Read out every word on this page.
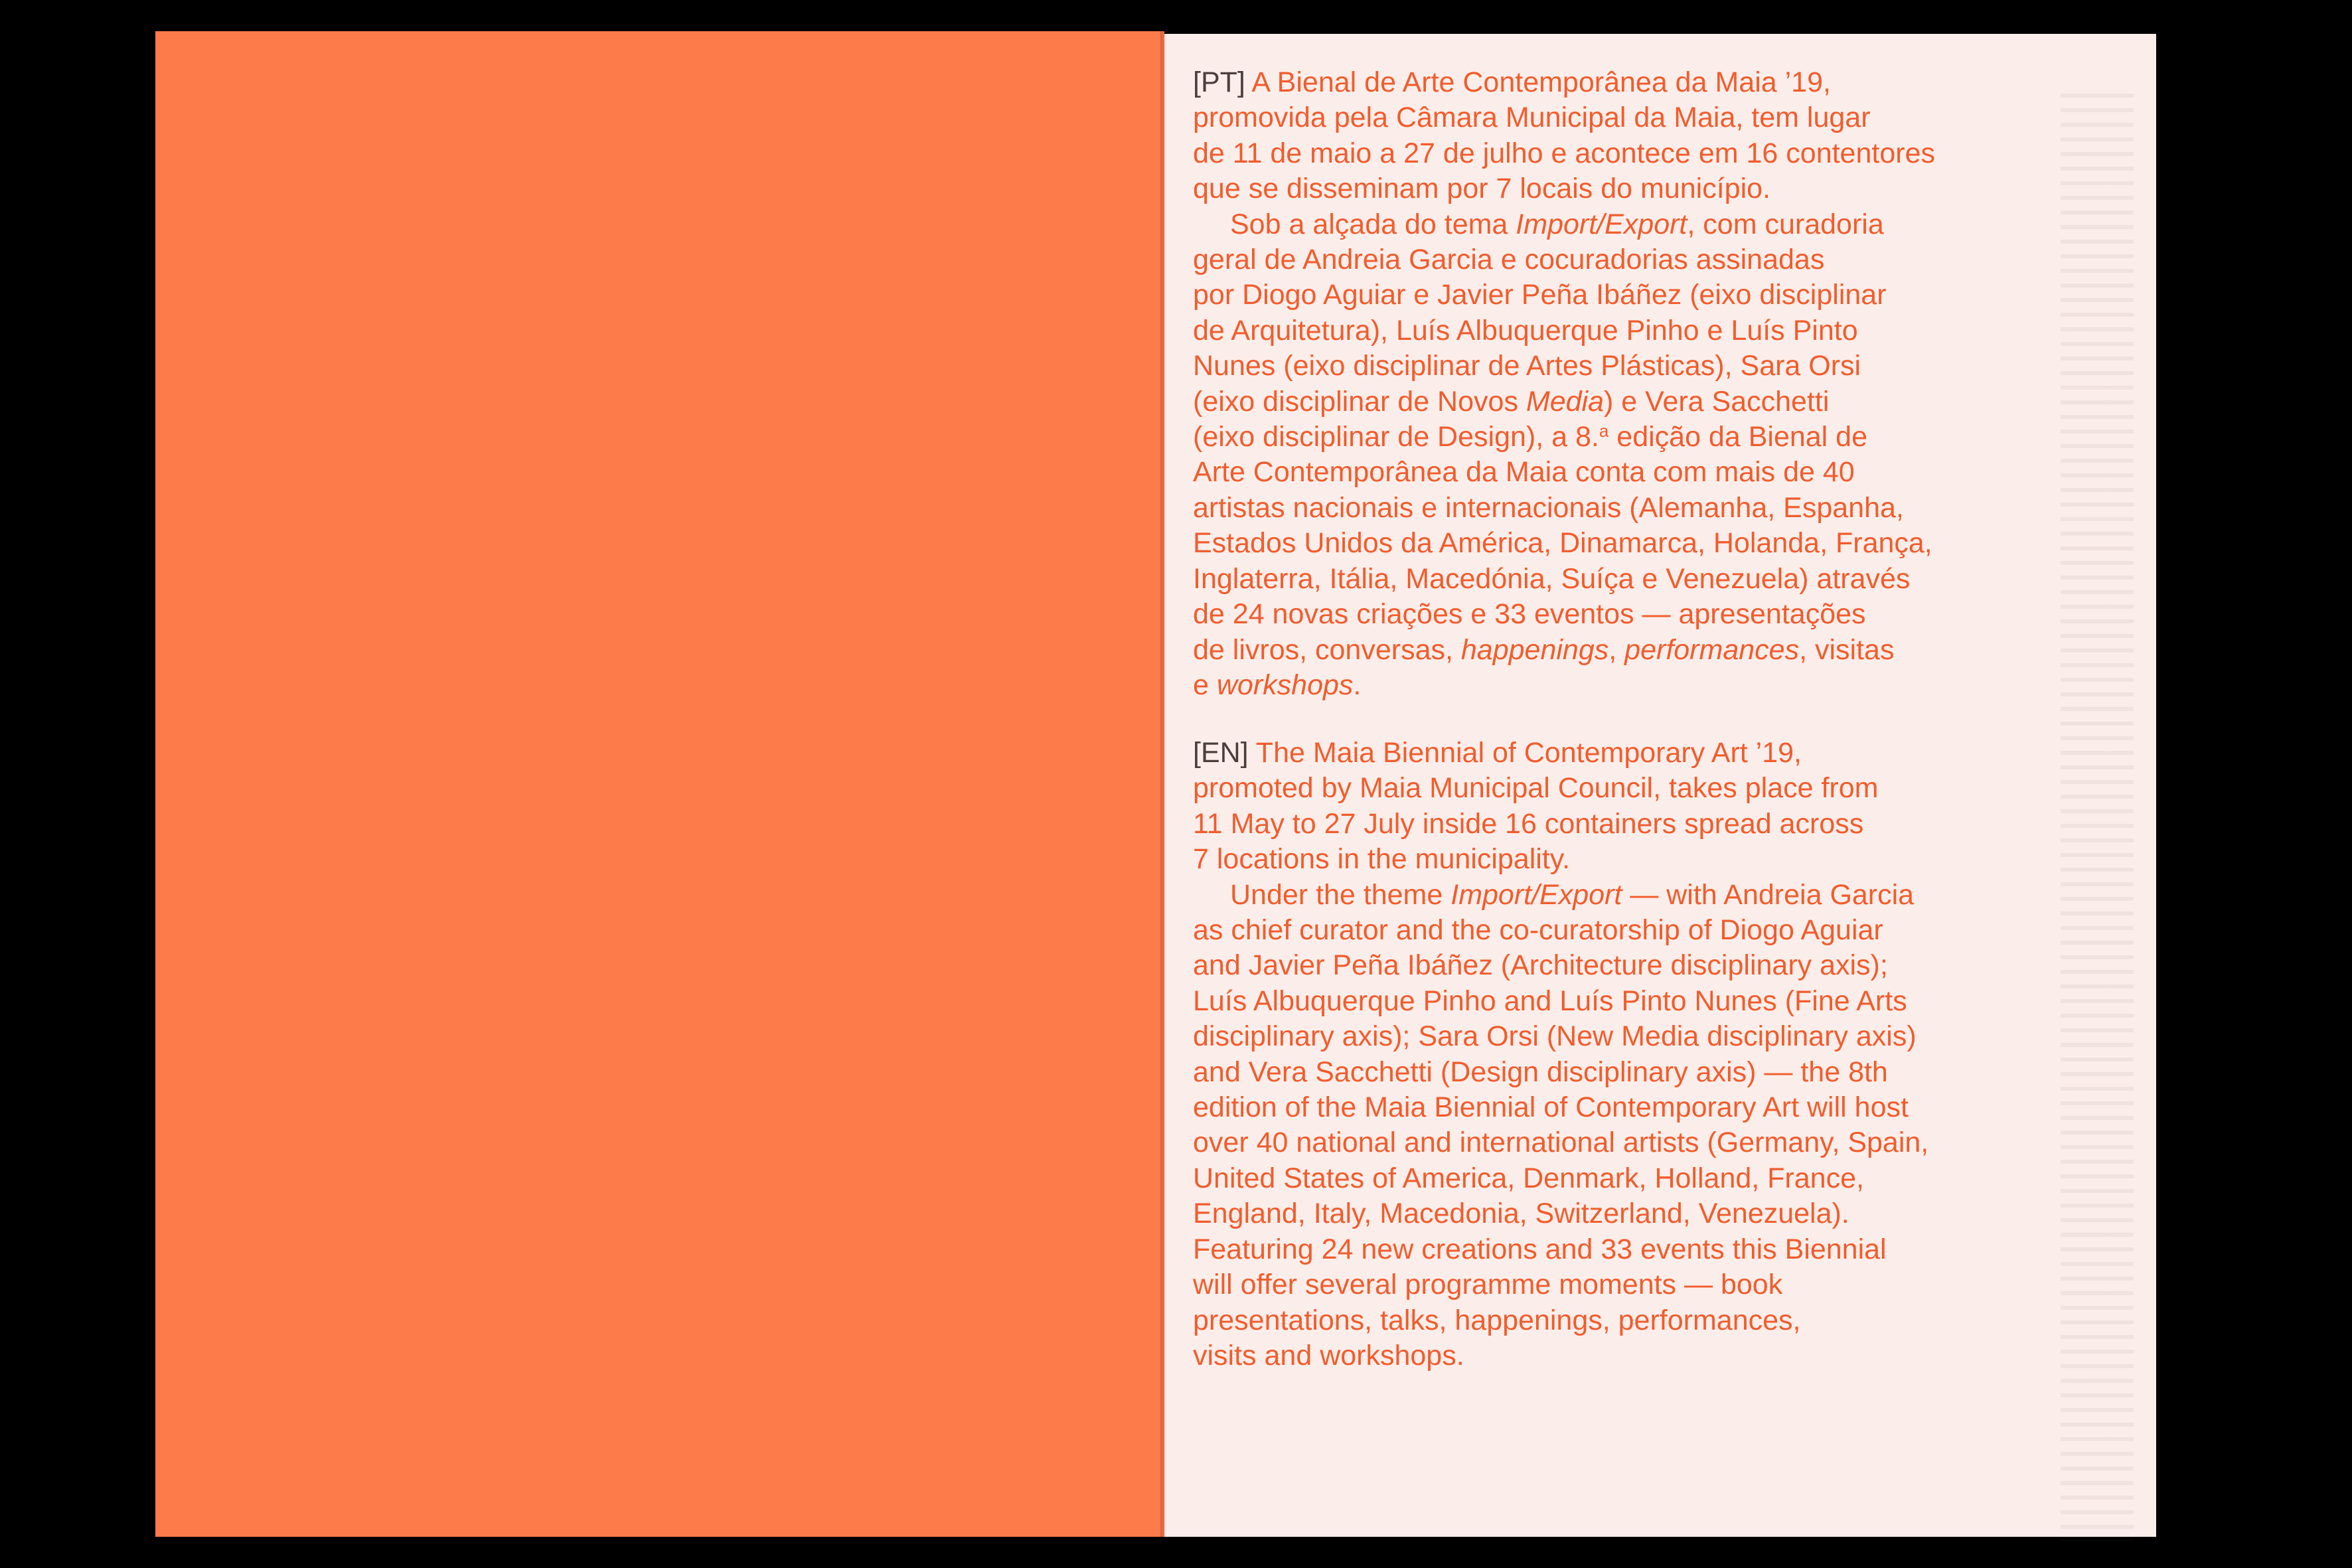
[PT] A Bienal de Arte Contemporânea da Maia ’19,
promovida pela Câmara Municipal da Maia, tem lugar
de 11 de maio a 27 de julho e acontece em 16 contentores
que se disseminam por 7 locais do município.
Sob a alçada do tema Import/Export, com curadoria
geral de Andreia Garcia e cocuradorias assinadas
por Diogo Aguiar e Javier Peña Ibáñez (eixo disciplinar
de Arquitetura), Luís Albuquerque Pinho e Luís Pinto
Nunes (eixo disciplinar de Artes Plásticas), Sara Orsi
(eixo disciplinar de Novos Media) e Vera Sacchetti
(eixo disciplinar de Design), a 8.$^a$ edição da Bienal de
Arte Contemporânea da Maia conta com mais de 40
artistas nacionais e internacionais (Alemanha, Espanha,
Estados Unidos da América, Dinamarca, Holanda, França,
Inglaterra, Itália, Macedónia, Suíça e Venezuela) através
de 24 novas criações e 33 eventos — apresentações
de livros, conversas, happenings, performances, visitas
e workshops.
[EN] The Maia Biennial of Contemporary Art ’19,
promoted by Maia Municipal Council, takes place from
11 May to 27 July inside 16 containers spread across
7 locations in the municipality.
Under the theme Import/Export — with Andreia Garcia
as chief curator and the co-curatorship of Diogo Aguiar
and Javier Peña Ibáñez (Architecture disciplinary axis);
Luís Albuquerque Pinho and Luís Pinto Nunes (Fine Arts
disciplinary axis); Sara Orsi (New Media disciplinary axis)
and Vera Sacchetti (Design disciplinary axis) — the 8th
edition of the Maia Biennial of Contemporary Art will host
over 40 national and international artists (Germany, Spain,
United States of America, Denmark, Holland, France,
England, Italy, Macedonia, Switzerland, Venezuela).
Featuring 24 new creations and 33 events this Biennial
will offer several programme moments — book
presentations, talks, happenings, performances,
visits and workshops.
